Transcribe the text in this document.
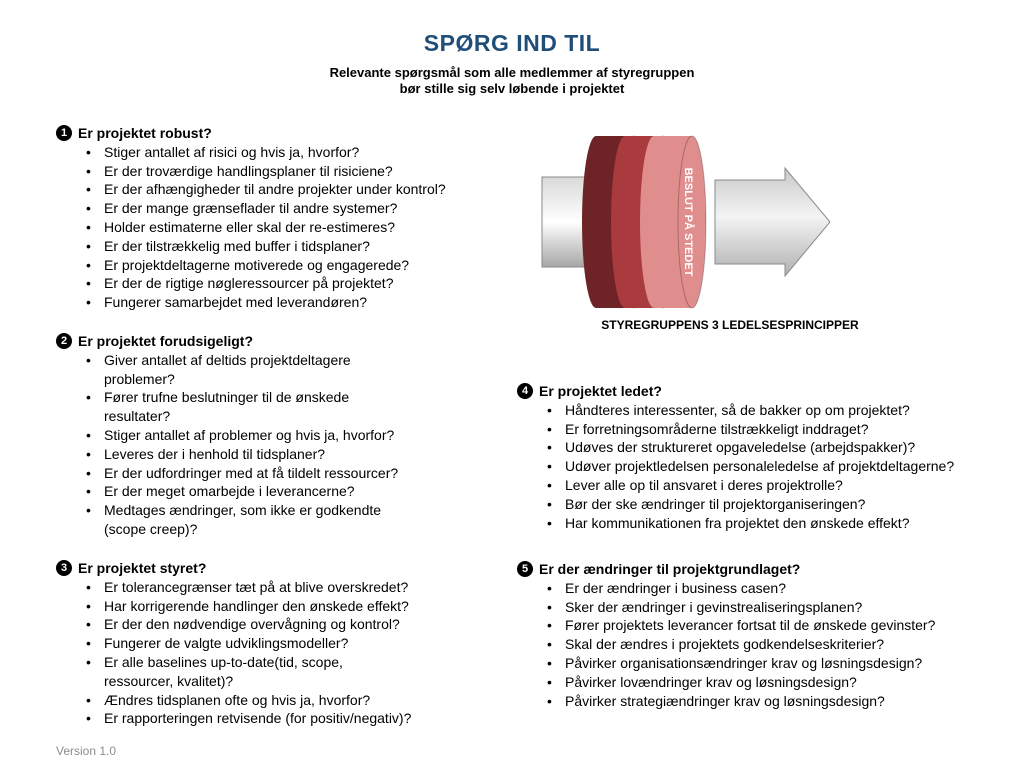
SPØRG IND TIL
Relevante spørgsmål som alle medlemmer af styregruppen
bør stille sig selv løbende i projektet
1 Er projektet robust?
• Stiger antallet af risici og hvis ja, hvorfor?
• Er der troværdige handlingsplaner til risiciene?
• Er der afhængigheder til andre projekter under kontrol?
• Er der mange grænseflader til andre systemer?
• Holder estimaterne eller skal der re-estimeres?
• Er der tilstrækkelig med buffer i tidsplaner?
• Er projektdeltagerne motiverede og engagerede?
• Er der de rigtige nøgleressourcer på projektet?
• Fungerer samarbejdet med leverandøren?
2 Er projektet forudsigeligt?
• Giver antallet af deltids projektdeltagere
problemer?
• Fører trufne beslutninger til de ønskede
resultater?
• Stiger antallet af problemer og hvis ja, hvorfor?
• Leveres der i henhold til tidsplaner?
• Er der udfordringer med at få tildelt ressourcer?
• Er der meget omarbejde i leverancerne?
• Medtages ændringer, som ikke er godkendte
(scope creep)?
3 Er projektet styret?
• Er tolerancegrænser tæt på at blive overskredet?
• Har korrigerende handlinger den ønskede effekt?
• Er der den nødvendige overvågning og kontrol?
• Fungerer de valgte udviklingsmodeller?
• Er alle baselines up-to-date(tid, scope,
ressourcer, kvalitet)?
• Ændres tidsplanen ofte og hvis ja, hvorfor?
• Er rapporteringen retvisende (for positiv/negativ)?
4 Er projektet ledet?
• Håndteres interessenter, så de bakker op om projektet?
• Er forretningsområderne tilstrækkeligt inddraget?
• Udøves der struktureret opgaveledelse (arbejdspakker)?
• Udøver projektledelsen personaleledelse af projektdeltagerne?
• Lever alle op til ansvaret i deres projektrolle?
• Bør der ske ændringer til projektorganiseringen?
• Har kommunikationen fra projektet den ønskede effekt?
5 Er der ændringer til projektgrundlaget?
• Er der ændringer i business casen?
• Sker der ændringer i gevinstrealiseringsplanen?
• Fører projektets leverancer fortsat til de ønskede gevinster?
• Skal der ændres i projektets godkendelseskriterier?
• Påvirker organisationsændringer krav og løsningsdesign?
• Påvirker lovændringer krav og løsningsdesign?
• Påvirker strategiændringer krav og løsningsdesign?
BESLUT PÅ STEDET
STYREGRUPPENS 3 LEDELSESPRINCIPPER
Version 1.0
